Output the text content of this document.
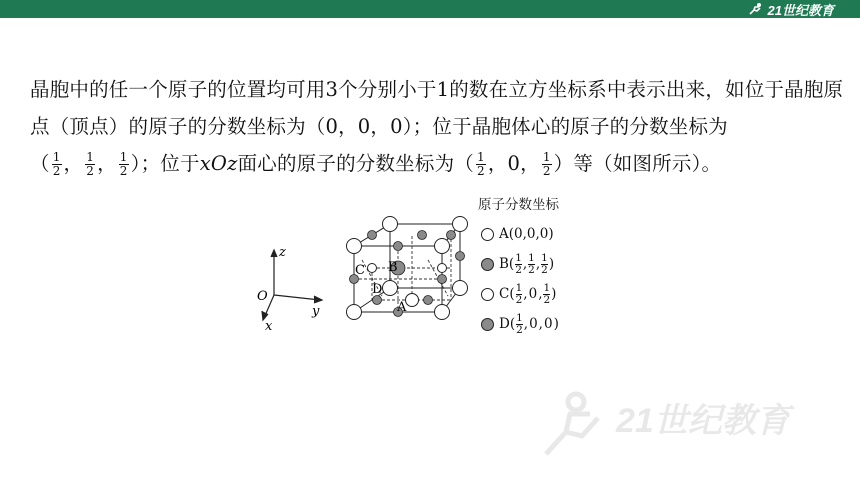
21世纪教育
晶胞中的任一个原子的位置均可用3个分别小于1的数在立方坐标系中表示出来，如位于晶胞原点（顶点）的原子的分数坐标为（0，0，0）；位于晶胞体心的原子的分数坐标为
（ $\frac{1}{2}$ ， $\frac{1}{2}$ ， $\frac{1}{2}$ ）；位于xOz面心的原子的分数坐标为（ $\frac{1}{2}$ ，0， $\frac{1}{2}$ ）等（如图所示）。
z
O
y
x
B
C
D
A
原子分数坐标
A(0,0,0)
B( 1
2 , 1
2 , 1
2 )
C( 1
2 , 0 , 1
2 )
D( 1
2 , 0 , 0 )
21世纪教育
